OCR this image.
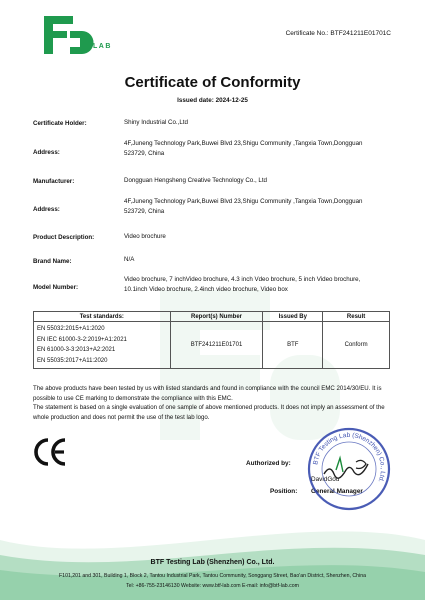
LAB
Certificate No.: BTF241211E01701C
Certificate of Conformity
Issued date: 2024-12-25
Certificate Holder:	Shiny Industrial Co.,Ltd
Address:
4F,Juneng Technology Park,Buwei Blvd 23,Shigu Community ,Tangxia Town,Dongguan 523729, China
Manufacturer:	Dongguan Hengsheng Creative Technology Co., Ltd
Address:
4F,Juneng Technology Park,Buwei Blvd 23,Shigu Community ,Tangxia Town,Dongguan 523729, China
Product Description:	Video brochure
Brand Name:	N/A
Model Number:
Video brochure, 7 inchVideo brochure, 4.3 inch Vdeo brochure, 5 inch Video brochure, 10.1inch Video brochure, 2.4inch video brochure, Video box
Test standards:	Report(s) Number	Issued By	Result

EN 55032:2015+A1:2020
EN IEC 61000-3-2:2019+A1:2021
EN 61000-3-3:2013+A2:2021
EN 55035:2017+A11:2020	BTF241211E01701	BTF	Conform
The above products have been tested by us with listed standards and found in compliance with the council EMC 2014/30/EU. It is possible to use CE marking to demonstrate the compliance with this EMC.
The statement is based on a single evaluation of one sample of above mentioned products. It does not imply an assessment of the whole production and does not permit the use of the test lab logo.
Authorized by:
DavidGou
Position: General Manager
BTF Testing Lab (Shenzhen) Co., Ltd.
BTF Testing Lab (Shenzhen) Co., Ltd.
F101,201 and 301, Building 1, Block 2, Tantou Industrial Park, Tantou Community, Songgang Street, Bao'an District, Shenzhen, China
Tel: +86-755-23146130 Website: www.btf-lab.com E-mail: info@btf-lab.com
